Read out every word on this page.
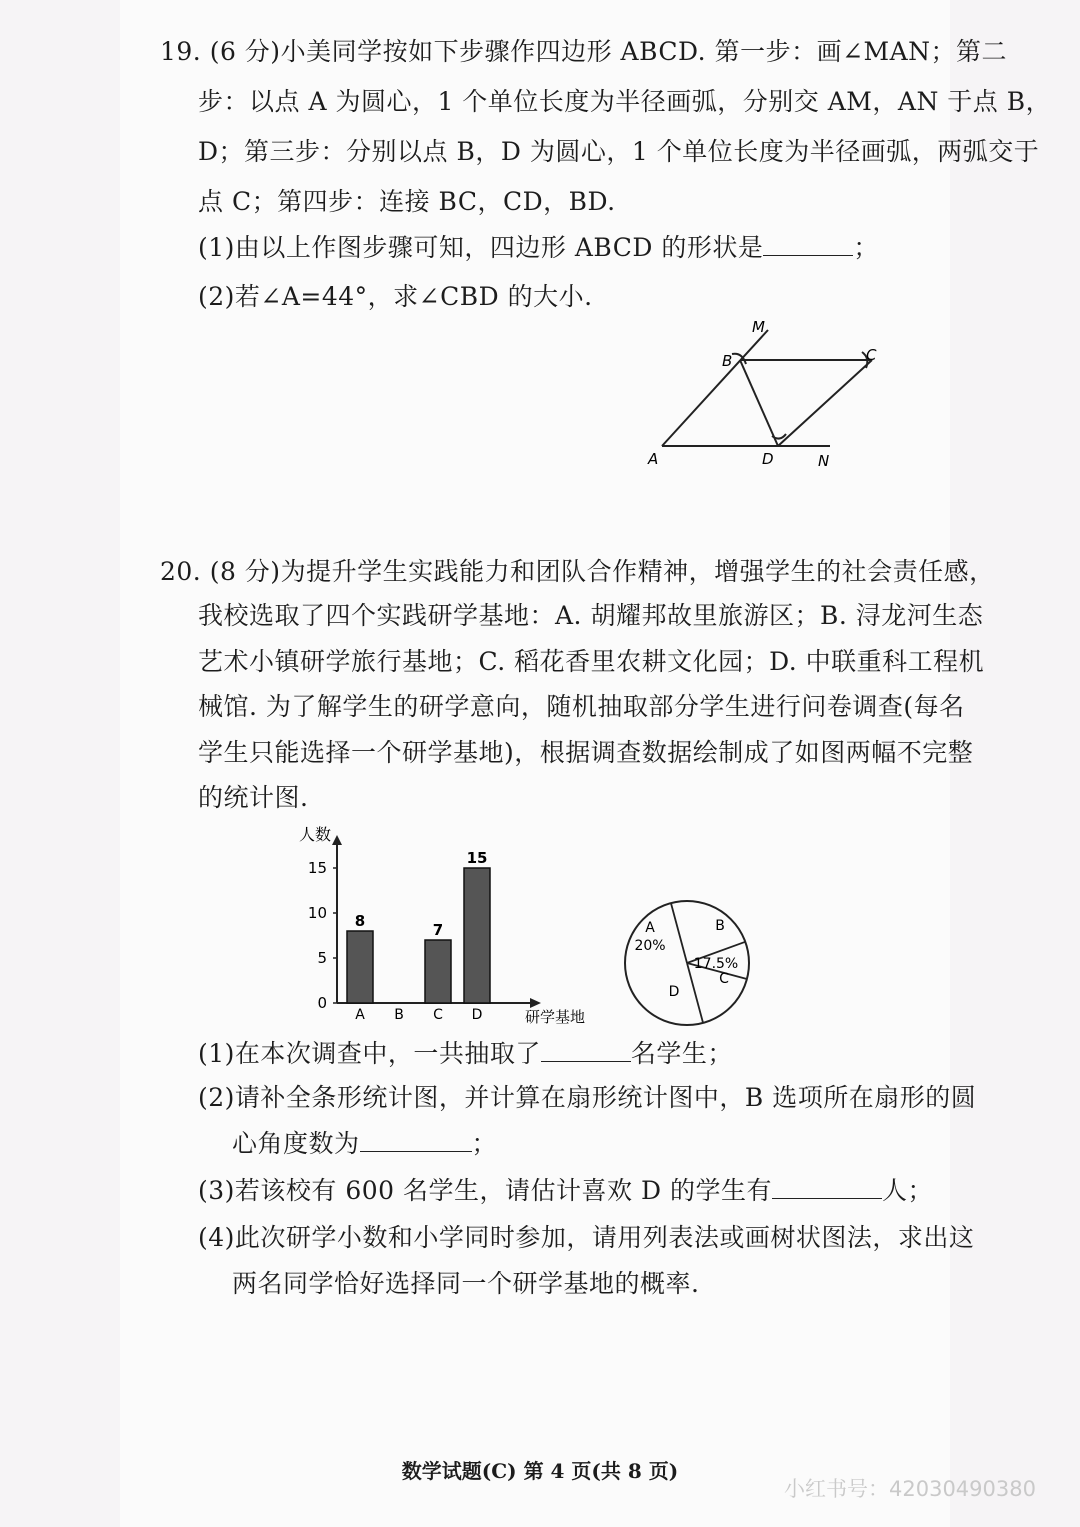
19. (6 分)小美同学按如下步骤作四边形 ABCD. 第一步：画∠MAN；第二
步：以点 A 为圆心，1 个单位长度为半径画弧，分别交 AM，AN 于点 B，
D；第三步：分别以点 B，D 为圆心，1 个单位长度为半径画弧，两弧交于
点 C；第四步：连接 BC，CD，BD.
(1)由以上作图步骤可知，四边形 ABCD 的形状是	；
(2)若∠A=44°，求∠CBD 的大小.
M
B	C
A	D	N
20. (8 分)为提升学生实践能力和团队合作精神，增强学生的社会责任感，
我校选取了四个实践研学基地：A. 胡耀邦故里旅游区；B. 浔龙河生态
艺术小镇研学旅行基地；C. 稻花香里农耕文化园；D. 中联重科工程机
械馆. 为了解学生的研学意向，随机抽取部分学生进行问卷调查(每名
学生只能选择一个研学基地)，根据调查数据绘制成了如图两幅不完整
的统计图.
人数
研学基地
0
5
10
15
A
8
B C
7
D
15
A
20%
B
C
17.5%
D
(1)在本次调查中，一共抽取了	名学生；
(2)请补全条形统计图，并计算在扇形统计图中，B 选项所在扇形的圆
心角度数为	；
(3)若该校有 600 名学生，请估计喜欢 D 的学生有	人；
(4)此次研学小数和小学同时参加，请用列表法或画树状图法，求出这
两名同学恰好选择同一个研学基地的概率.
数学试题(C) 第 4 页(共 8 页)
小红书号：42030490380
